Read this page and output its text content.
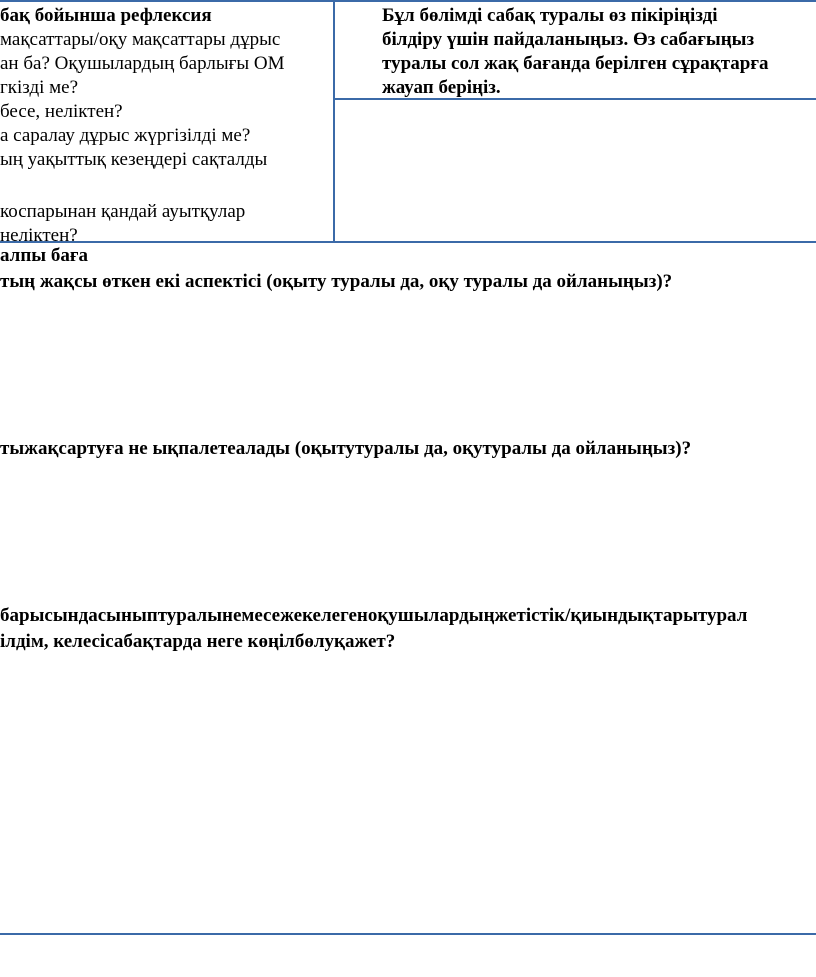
бақ бойынша рефлексия
мақсаттары/оқу мақсаттары дұрыс
ан ба? Оқушылардың барлығы ОМ
гкізді ме?
бесе, неліктен?
а саралау дұрыс жүргізілді ме?
ың уақыттық кезеңдері сақталды
коспарынан қандай ауытқулар
неліктен?
Бұл бөлімді сабақ туралы өз пікіріңізді
білдіру үшін пайдаланыңыз. Өз сабағыңыз
туралы сол жақ бағанда берілген сұрақтарға
жауап беріңіз.
алпы баға
тың жақсы өткен екі аспектісі (оқыту туралы да, оқу туралы да ойланыңыз)?
тыжақсартуға не ықпалетеалады (оқытутуралы да, оқутуралы да ойланыңыз)?
барысындасыныптуралынемесежекелегеноқушылардыңжетістік/қиындықтарытурал
ілдім, келесісабақтарда неге көңілбөлуқажет?
